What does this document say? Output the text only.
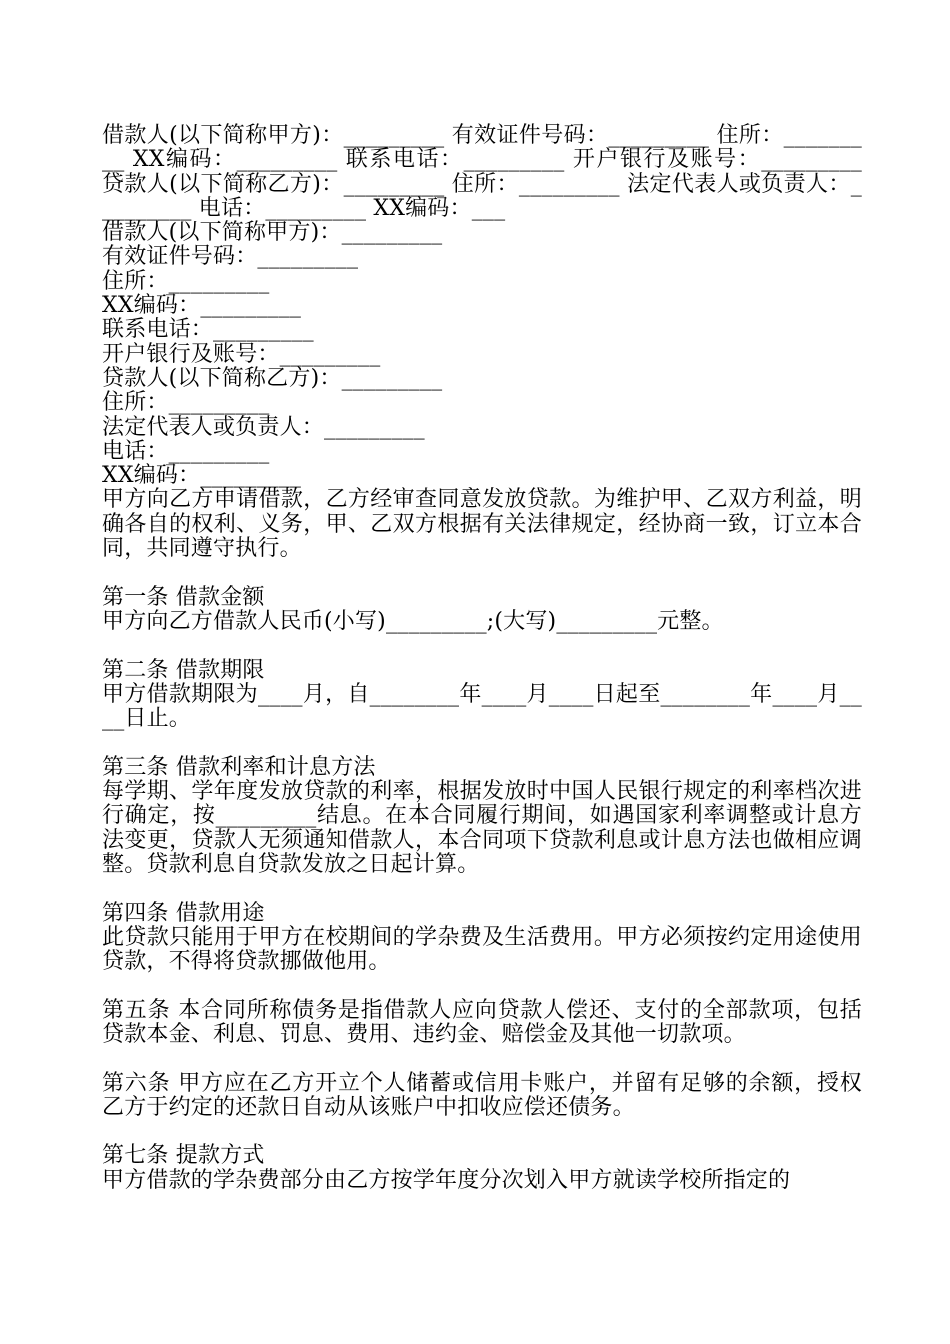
借款人(以下简称甲方)：_________ 有效证件号码：_________ 住所：_________ XX编码：_________ 联系电话：_________ 开户银行及账号：_________ 贷款人(以下简称乙方)：_________ 住所：_________ 法定代表人或负责人：_________ 电话：_________ XX编码：___
借款人(以下简称甲方)：_________
有效证件号码：_________
住所：_________
XX编码：_________
联系电话：_________
开户银行及账号：_________
贷款人(以下简称乙方)：_________
住所：_________
法定代表人或负责人：_________
电话：_________
XX编码：_________
甲方向乙方申请借款，乙方经审查同意发放贷款。为维护甲、乙双方利益，明确各自的权利、义务，甲、乙双方根据有关法律规定，经协商一致，订立本合同，共同遵守执行。
第一条 借款金额
甲方向乙方借款人民币(小写)_________;(大写)_________元整。
第二条 借款期限
甲方借款期限为____月，自________年____月____日起至________年____月____日止。
第三条 借款利率和计息方法
每学期、学年度发放贷款的利率，根据发放时中国人民银行规定的利率档次进行确定，按_________结息。在本合同履行期间，如遇国家利率调整或计息方法变更，贷款人无须通知借款人，本合同项下贷款利息或计息方法也做相应调整。贷款利息自贷款发放之日起计算。
第四条 借款用途
此贷款只能用于甲方在校期间的学杂费及生活费用。甲方必须按约定用途使用贷款，不得将贷款挪做他用。
第五条 本合同所称债务是指借款人应向贷款人偿还、支付的全部款项，包括贷款本金、利息、罚息、费用、违约金、赔偿金及其他一切款项。
第六条 甲方应在乙方开立个人储蓄或信用卡账户，并留有足够的余额，授权乙方于约定的还款日自动从该账户中扣收应偿还债务。
第七条 提款方式
甲方借款的学杂费部分由乙方按学年度分次划入甲方就读学校所指定的
